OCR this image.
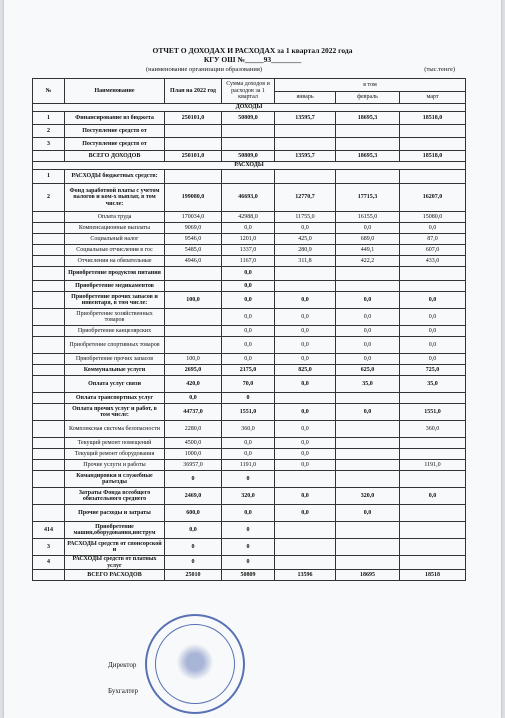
ОТЧЕТ О ДОХОДАХ И РАСХОДАХ за 1 квартал 2022 года
КГУ ОШ №_____93________
(наименование организации образования)	(тыс.тенге)
№	Наименование	План на 2022 год	Сумма доходов и расходов за 1 квартал	в том		
				январь	февраль	март
ДОХОДЫ						
1	Финансирование из бюджета	250101,0	50809,0	13595,7	18695,3	18518,0
2	Поступление средств от					
3	Поступление средств от					
	ВСЕГО ДОХОДОВ	250101,0	50809,0	13595,7	18695,3	18518,0
РАСХОДЫ						
1	РАСХОДЫ бюджетных средств:					
2	Фонд заработной платы с учетом налогов и ком-х выплат, в том числе:	199080,0	46693,0	12770,7	17715,3	16207,0
	Оплата труда	170034,0	42988,0	11755,0	16155,0	15080,0
	Компенсационные выплаты	9069,0	0,0	0,0	0,0	0,0
	Социальный налог	9546,0	1201,0	425,0	689,0	87,0
	Социальные отчисления в гос	5485,0	1337,0	280,9	449,1	607,0
	Отчисления на обязательные	4946,0	1167,0	311,8	422,2	433,0
	Приобретение продуктов питания		0,0			
	Приобретение медикаментов		0,0			
	Приобретение прочих запасов и инвентаря, в том числе:	100,0	0,0	0,0	0,0	0,0
	Приобретение хозяйственных товаров		0,0	0,0	0,0	0,0
	Приобретение канцелярских		0,0	0,0	0,0	0,0
	Приобретение спортивных товаров		0,0	0,0	0,0	0,0
	Приобретение прочих запасов	100,0	0,0	0,0	0,0	0,0
	Коммунальные услуги	2695,0	2175,0	825,0	625,0	725,0
	Оплата услуг связи	420,0	70,0	0,0	35,0	35,0
	Оплата транспортных услуг	0,0	0			
	Оплата прочих услуг и работ, в том числе:	44737,0	1551,0	0,0	0,0	1551,0
	Комплексная система безопасности	2280,0	360,0	0,0		360,0
	Текущий ремонт помещений	4500,0	0,0	0,0		
	Текущий ремонт оборудования	1000,0	0,0	0,0		
	Прочие услуги и работы	36957,0	1191,0	0,0		1191,0
	Командировки и служебные разъезды	0	0			
	Затраты Фонда всеобщего обязательного среднего	2469,0	320,0	0,0	320,0	0,0
	Прочие расходы и затраты	600,0	0,0	0,0	0,0	
414	Приобретение машин,оборудования,инструм	0,0	0			
3	РАСХОДЫ средств от спонсорской и	0	0			
4	РАСХОДЫ средств от платных услуг	0	0			
	ВСЕГО РАСХОДОВ	25010	50809	13596	18695	18518
Директор
Бухгалтер
